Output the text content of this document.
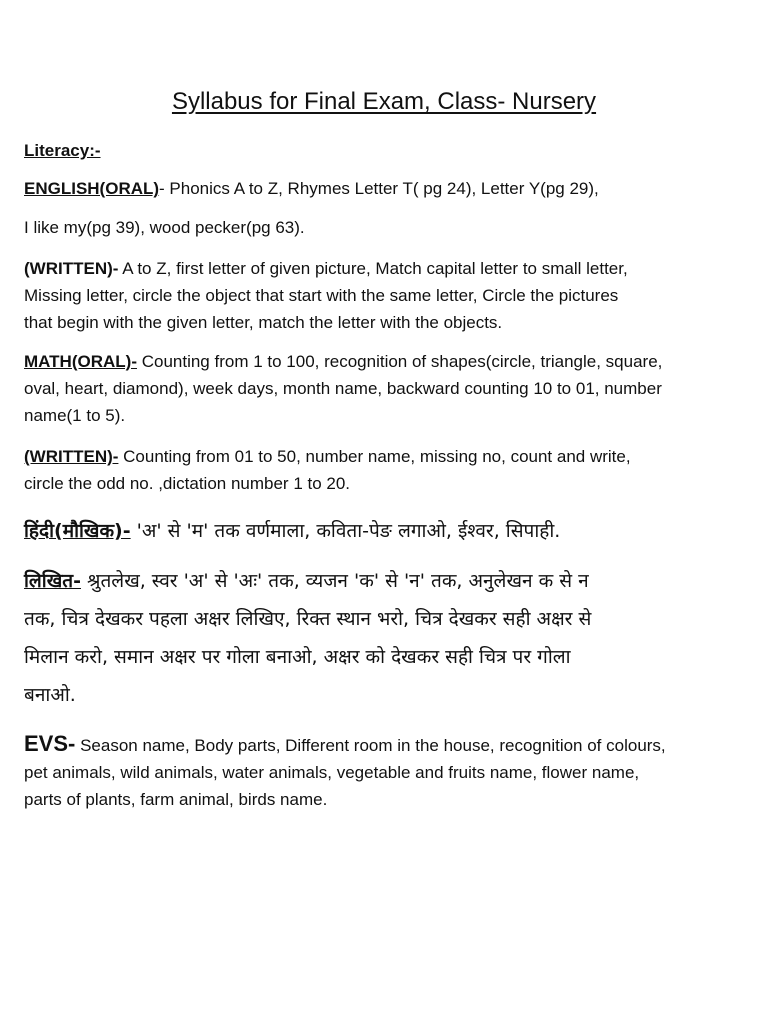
Syllabus for Final Exam, Class- Nursery
Literacy:-
ENGLISH(ORAL)- Phonics A to Z, Rhymes Letter T( pg 24), Letter Y(pg 29),
I like my(pg 39), wood pecker(pg 63).
(WRITTEN)- A to Z, first letter of given picture, Match capital letter to small letter,
Missing letter, circle the object that start with the same letter, Circle the pictures
that begin with the given letter, match the letter with the objects.
MATH(ORAL)- Counting from 1 to 100, recognition of shapes(circle, triangle, square,
oval, heart, diamond), week days, month name, backward counting 10 to 01, number
name(1 to 5).
(WRITTEN)- Counting from 01 to 50, number name, missing no, count and write,
circle the odd no. ,dictation number 1 to 20.
हिंदी(मौखिक)- 'अ' से 'म' तक वर्णमाला, कविता-पेङ लगाओ, ईश्वर, सिपाही.
लिखित- श्रुतलेख, स्वर 'अ' से 'अः' तक, व्यजन 'क' से 'न' तक, अनुलेखन क से न
तक, चित्र देखकर पहला अक्षर लिखिए, रिक्त स्थान भरो, चित्र देखकर सही अक्षर से
मिलान करो, समान अक्षर पर गोला बनाओ, अक्षर को देखकर सही चित्र पर गोला
बनाओ.
EVS- Season name, Body parts, Different room in the house, recognition of colours,
pet animals, wild animals, water animals, vegetable and fruits name, flower name,
parts of plants, farm animal, birds name.
